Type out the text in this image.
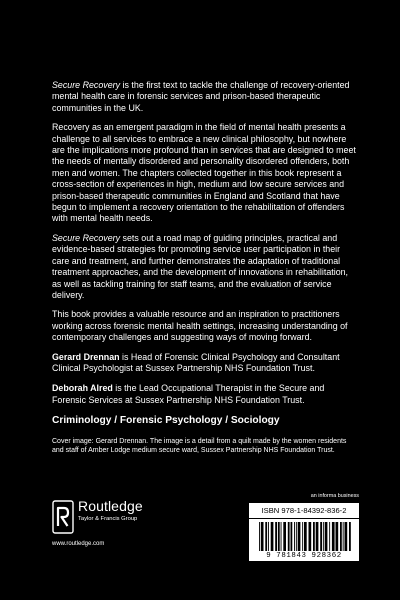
Secure Recovery is the first text to tackle the challenge of recovery-oriented mental health care in forensic services and prison-based therapeutic communities in the UK.

Recovery as an emergent paradigm in the field of mental health presents a challenge to all services to embrace a new clinical philosophy, but nowhere are the implications more profound than in services that are designed to meet the needs of mentally disordered and personality disordered offenders, both men and women. The chapters collected together in this book represent a cross-section of experiences in high, medium and low secure services and prison-based therapeutic communities in England and Scotland that have begun to implement a recovery orientation to the rehabilitation of offenders with mental health needs.

Secure Recovery sets out a road map of guiding principles, practical and evidence-based strategies for promoting service user participation in their care and treatment, and further demonstrates the adaptation of traditional treatment approaches, and the development of innovations in rehabilitation, as well as tackling training for staff teams, and the evaluation of service delivery.

This book provides a valuable resource and an inspiration to practitioners working across forensic mental health settings, increasing understanding of contemporary challenges and suggesting ways of moving forward.

Gerard Drennan is Head of Forensic Clinical Psychology and Consultant Clinical Psychologist at Sussex Partnership NHS Foundation Trust.

Deborah Alred is the Lead Occupational Therapist in the Secure and Forensic Services at Sussex Partnership NHS Foundation Trust.

Criminology / Forensic Psychology / Sociology

Cover image: Gerard Drennan. The image is a detail from a quilt made by the women residents and staff of Amber Lodge medium secure ward, Sussex Partnership NHS Foundation Trust.

Routledge
Taylor & Francis Group
www.routledge.com
an informa business
ISBN 978-1-84392-836-2
9 781843 928362
